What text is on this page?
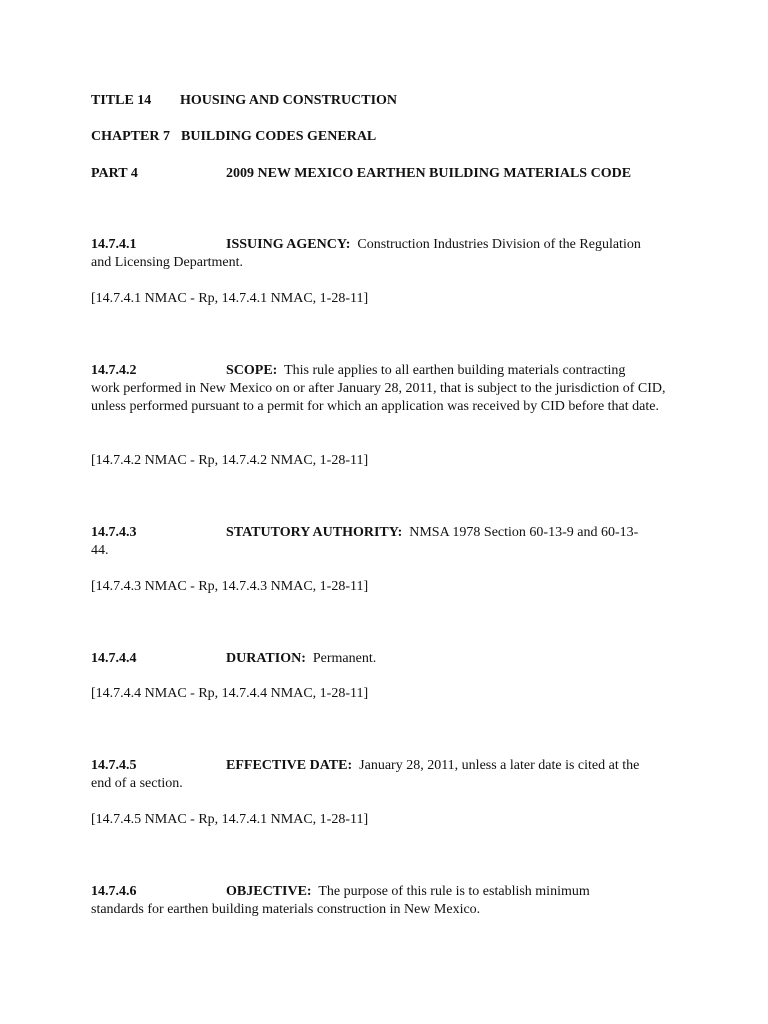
TITLE 14 HOUSING AND CONSTRUCTION
CHAPTER 7 BUILDING CODES GENERAL
PART 4	2009 NEW MEXICO EARTHEN BUILDING MATERIALS CODE
14.7.4.1	ISSUING AGENCY: Construction Industries Division of the Regulation

and Licensing Department.

[14.7.4.1 NMAC - Rp, 14.7.4.1 NMAC, 1-28-11]
14.7.4.2	SCOPE: This rule applies to all earthen building materials contracting

work performed in New Mexico on or after January 28, 2011, that is subject to the jurisdiction of CID, unless performed pursuant to a permit for which an application was received by CID before that date.

[14.7.4.2 NMAC - Rp, 14.7.4.2 NMAC, 1-28-11]
14.7.4.3	STATUTORY AUTHORITY: NMSA 1978 Section 60-13-9 and 60-13-

44.

[14.7.4.3 NMAC - Rp, 14.7.4.3 NMAC, 1-28-11]
14.7.4.4	DURATION: Permanent.
[14.7.4.4 NMAC - Rp, 14.7.4.4 NMAC, 1-28-11]
14.7.4.5	EFFECTIVE DATE: January 28, 2011, unless a later date is cited at the

end of a section.

[14.7.4.5 NMAC - Rp, 14.7.4.1 NMAC, 1-28-11]
14.7.4.6	OBJECTIVE: The purpose of this rule is to establish minimum

standards for earthen building materials construction in New Mexico.
